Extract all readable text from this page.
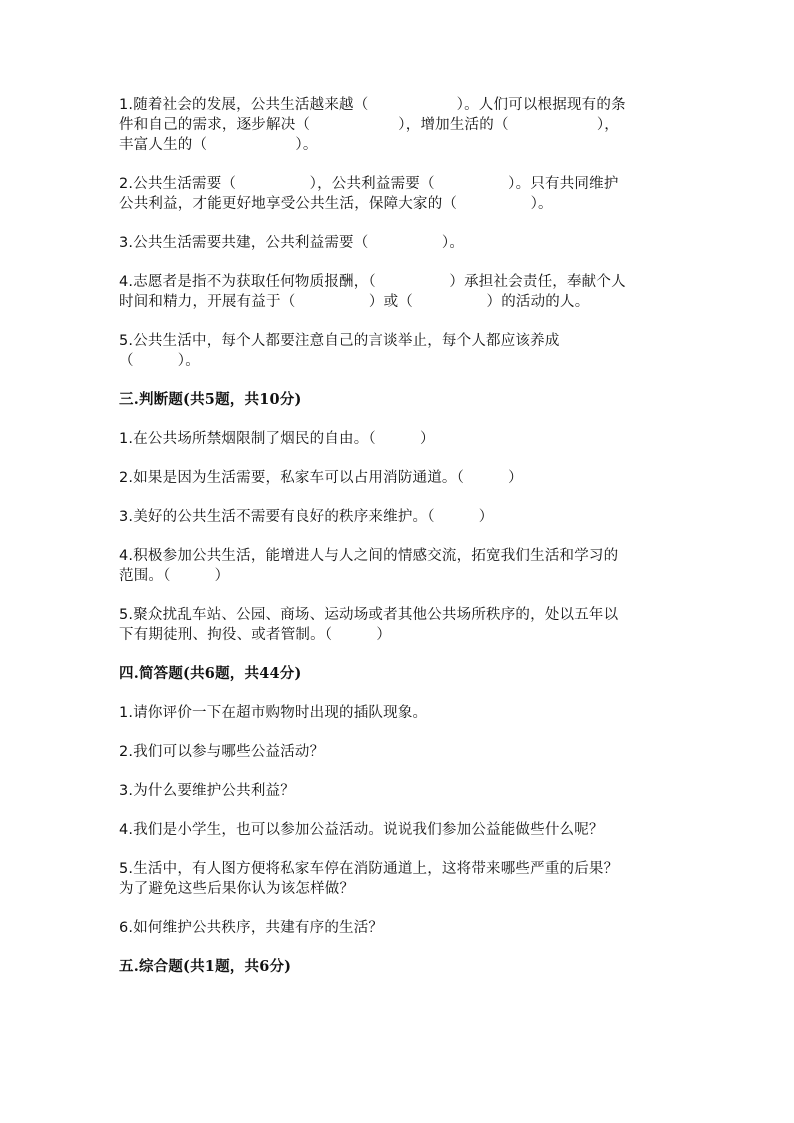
1.随着社会的发展，公共生活越来越（　　　　　　）。人们可以根据现有的条
件和自己的需求，逐步解决（　　　　　　），增加生活的（　　　　　　），
丰富人生的（　　　　　　）。
2.公共生活需要（　　　　　），公共利益需要（　　　　　）。只有共同维护
公共利益，才能更好地享受公共生活，保障大家的（　　　　　）。
3.公共生活需要共建，公共利益需要（　　　　　）。
4.志愿者是指不为获取任何物质报酬，（　　　　　）承担社会责任，奉献个人
时间和精力，开展有益于（　　　　　）或（　　　　　）的活动的人。
5.公共生活中，每个人都要注意自己的言谈举止，每个人都应该养成
（　　　）。
三.判断题(共5题，共10分)
1.在公共场所禁烟限制了烟民的自由。（　　　）
2.如果是因为生活需要，私家车可以占用消防通道。（　　　）
3.美好的公共生活不需要有良好的秩序来维护。（　　　）
4.积极参加公共生活，能增进人与人之间的情感交流，拓宽我们生活和学习的
范围。（　　　）
5.聚众扰乱车站、公园、商场、运动场或者其他公共场所秩序的，处以五年以
下有期徒刑、拘役、或者管制。（　　　）
四.简答题(共6题，共44分)
1.请你评价一下在超市购物时出现的插队现象。
2.我们可以参与哪些公益活动？
3.为什么要维护公共利益？
4.我们是小学生，也可以参加公益活动。说说我们参加公益能做些什么呢？
5.生活中，有人图方便将私家车停在消防通道上，这将带来哪些严重的后果？
为了避免这些后果你认为该怎样做？
6.如何维护公共秩序，共建有序的生活？
五.综合题(共1题，共6分)
